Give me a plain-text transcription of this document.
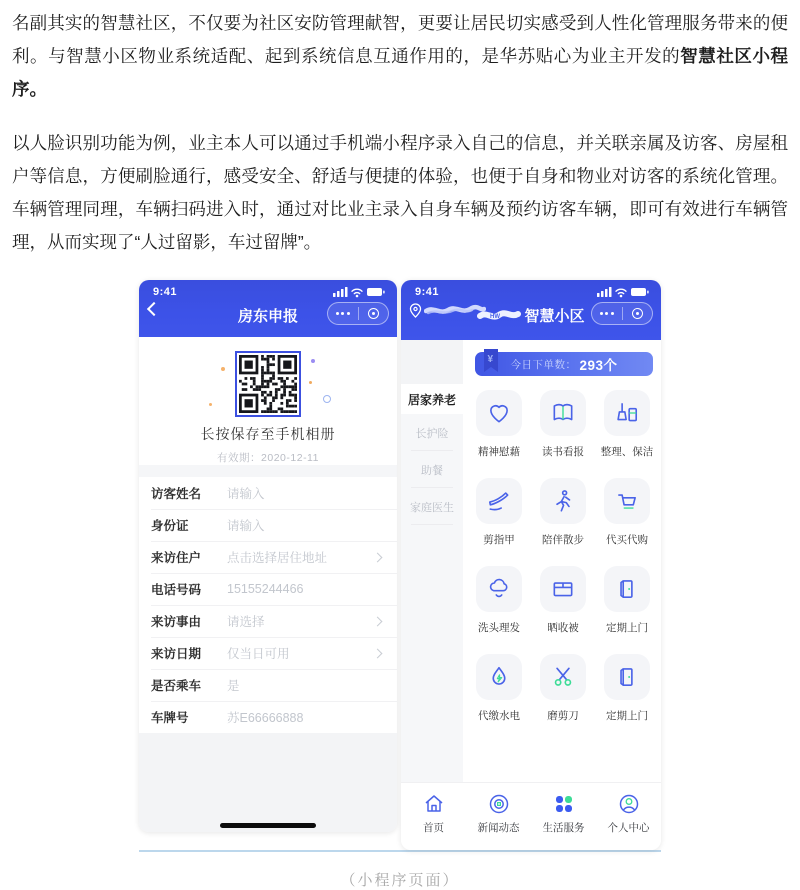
名副其实的智慧社区，不仅要为社区安防管理献智，更要让居民切实感受到人性化管理服务带来的便利。与智慧小区物业系统适配、起到系统信息互通作用的，是华苏贴心为业主开发的智慧社区小程序。

以人脸识别功能为例，业主本人可以通过手机端小程序录入自己的信息，并关联亲属及访客、房屋租户等信息，方便刷脸通行，感受安全、舒适与便捷的体验，也便于自身和物业对访客的系统化管理。车辆管理同理，车辆扫码进入时，通过对比业主录入自身车辆及预约访客车辆，即可有效进行车辆管理，从而实现了“人过留影，车过留牌”。

9:41
房东申报
长按保存至手机相册
有效期：2020-12-11
访客姓名	请输入
身份证	请输入
来访住户	点击选择居住地址
电话号码	15155244466
来访事由	请选择
来访日期	仅当日可用
是否乘车	是
车牌号	苏E66666888
9:41
HW 智慧小区
居家养老
长护险
助餐
家庭医生
¥ 今日下单数： 293个
精神慰藉 读书看报 整理、保洁
剪指甲	陪伴散步 代买代购
洗头理发	晒收被	定期上门
代缴水电	磨剪刀	定期上门
首页	新闻动态 生活服务 个人中心
（小程序页面）
